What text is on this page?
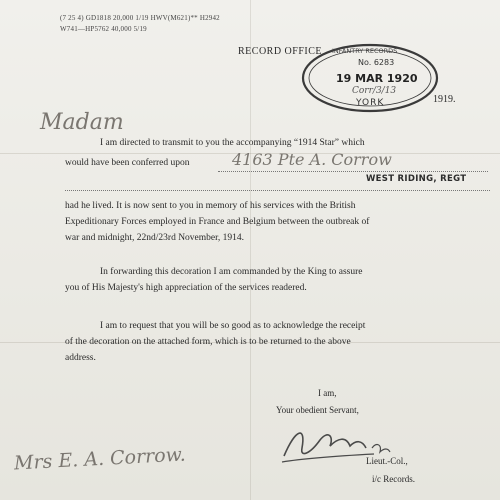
(7 25 4) GD1818 20,000 1/19 HWV(M621)** H2942
W741—HP5762 40,000 5/19
RECORD OFFICE INFANTRY RECORDS
No. 6283
19 MAR 1920
Corr/3/13
YORK	1919.
Madam
I am directed to transmit to you the accompanying “1914 Star” which
would have been conferred upon	4163 Pte A. Corrow
WEST RIDING, REGT
had he lived. It is now sent to you in memory of his services with the British
Expeditionary Forces employed in France and Belgium between the outbreak of
war and midnight, 22nd/23rd November, 1914.
In forwarding this decoration I am commanded by the King to assure
you of His Majesty's high appreciation of the services readered.
I am to request that you will be so good as to acknowledge the receipt
of the decoration on the attached form, which is to be returned to the above
address.
I am,
Your obedient Servant,
Lieut.-Col.,
i/c Records.
Mrs E. A. Corrow.
